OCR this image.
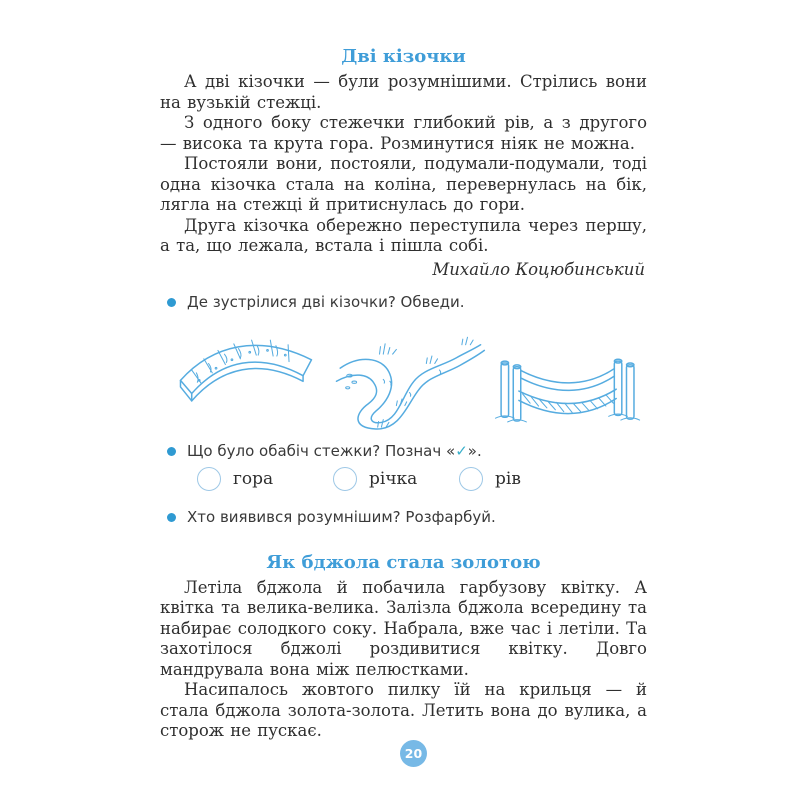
Дві кізочки

А дві кізочки — були розумнішими. Стрілись вони на вузькій стежці.

З одного боку стежечки глибокий рів, а з другого — висока та крута гора. Розминутися ніяк не можна.

Постояли вони, постояли, подумали-подумали, тоді одна кізочка стала на коліна, перевернулась на бік, лягла на стежці й притиснулась до гори.

Друга кізочка обережно переступила через першу, а та, що лежала, встала і пішла собі.

Михайло Коцюбинський
Де зустрілися дві кізочки? Обведи.
Що було обабіч стежки? Познач «✓».
гора	річка	рів
Хто виявився розумнішим? Розфарбуй.
Як бджола стала золотою

Летіла бджола й побачила гарбузову квітку. А квітка та велика-велика. Залізла бджола всередину та набирає солодкого соку. Набрала, вже час і летіли. Та захотілося бджолі роздивитися квітку. Довго мандрувала вона між пелюстками.

Насипалось жовтого пилку їй на крильця — й стала бджола золота-золота. Летить вона до вулика, а сторож не пускає.

20
